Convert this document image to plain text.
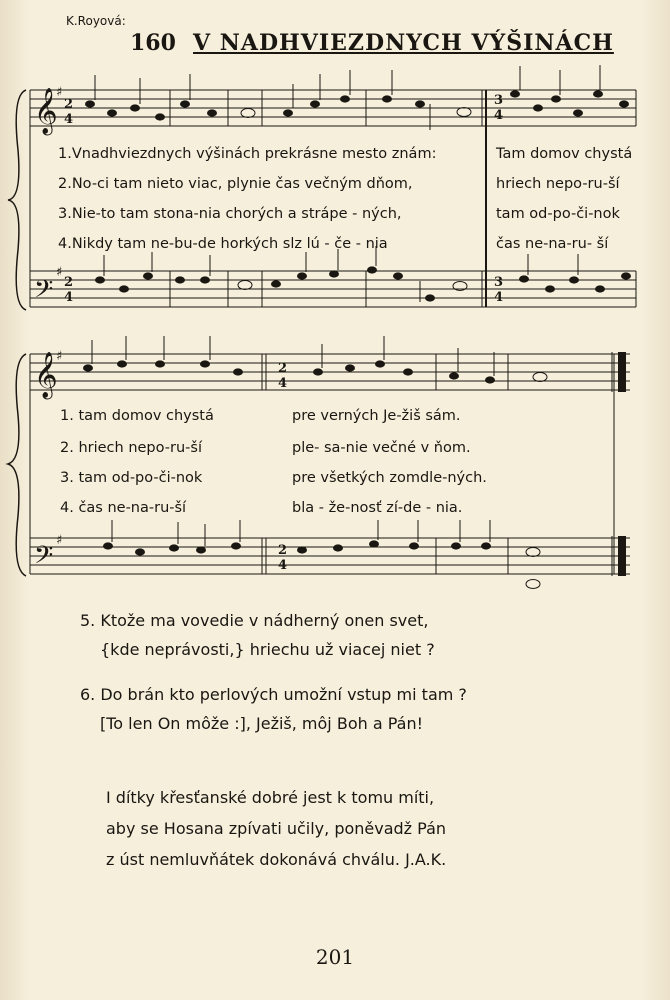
K.Royová:
160 V NADHVIEZDNYCH VÝŠINÁCH
𝄞
𝄢
2
4
2
4
3
4
3
4
♯
♯
1.Vnadhviezdnych výšinách prekrásne mesto znám:	Tam domov chystá
2.No-ci tam nieto viac, plynie čas večným dňom,	hriech nepo-ru-ší
3.Nie-to tam stona-nia chorých a strápe - ných,	tam od-po-či-nok
4.Nikdy tam ne-bu-de horkých slz lú - če - nia	čas ne-na-ru- ší
𝄞
𝄢
♯
♯
2
4
2
4
1. tam domov chystá	pre verných Je-žiš sám.
2. hriech nepo-ru-ší	ple- sa-nie večné v ňom.
3. tam od-po-či-nok	pre všetkých zomdle-ných.
4. čas ne-na-ru-ší	bla - že-nosť zí-de - nia.
5. Ktože ma vovedie v nádherný onen svet,
{kde neprávosti,} hriechu už viacej niet ?
6. Do brán kto perlových umožní vstup mi tam ?
[To len On môže :], Ježiš, môj Boh a Pán!
I dítky křesťanské dobré jest k tomu míti,
aby se Hosana zpívati učily, poněvadž Pán
z úst nemluvňátek dokonává chválu. J.A.K.
201
